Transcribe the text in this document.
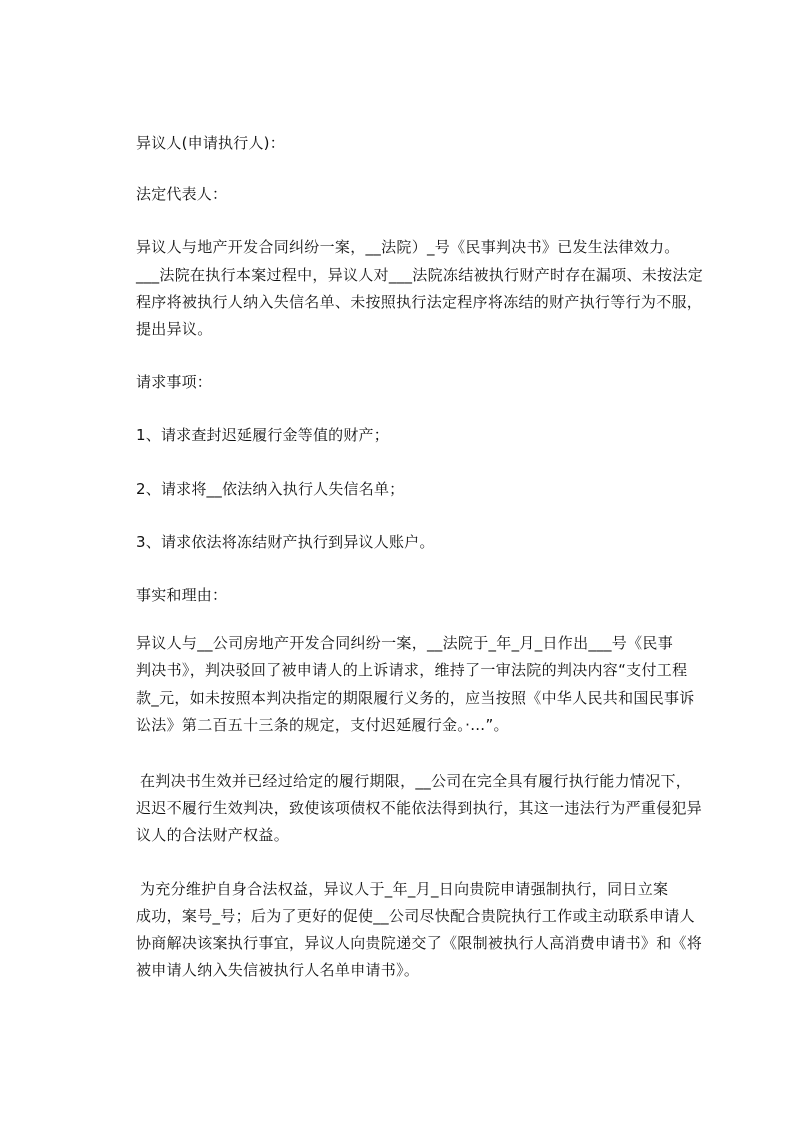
异议人(申请执行人)：
法定代表人：
异议人与地产开发合同纠纷一案，__法院）_号《民事判决书》已发生法律效力。
___法院在执行本案过程中，异议人对___法院冻结被执行财产时存在漏项、未按法定
程序将被执行人纳入失信名单、未按照执行法定程序将冻结的财产执行等行为不服，
提出异议。
请求事项：
1、请求查封迟延履行金等值的财产；
2、请求将__依法纳入执行人失信名单；
3、请求依法将冻结财产执行到异议人账户。
事实和理由：
异议人与__公司房地产开发合同纠纷一案，__法院于_年_月_日作出___号《民事
判决书》，判决驳回了被申请人的上诉请求，维持了一审法院的判决内容“支付工程
款_元，如未按照本判决指定的期限履行义务的，应当按照《中华人民共和国民事诉
讼法》第二百五十三条的规定，支付迟延履行金。·…”。
在判决书生效并已经过给定的履行期限，__公司在完全具有履行执行能力情况下，
迟迟不履行生效判决，致使该项债权不能依法得到执行，其这一违法行为严重侵犯异
议人的合法财产权益。
为充分维护自身合法权益，异议人于_年_月_日向贵院申请强制执行，同日立案
成功，案号_号；后为了更好的促使__公司尽快配合贵院执行工作或主动联系申请人
协商解决该案执行事宜，异议人向贵院递交了《限制被执行人高消费申请书》和《将
被申请人纳入失信被执行人名单申请书》。
